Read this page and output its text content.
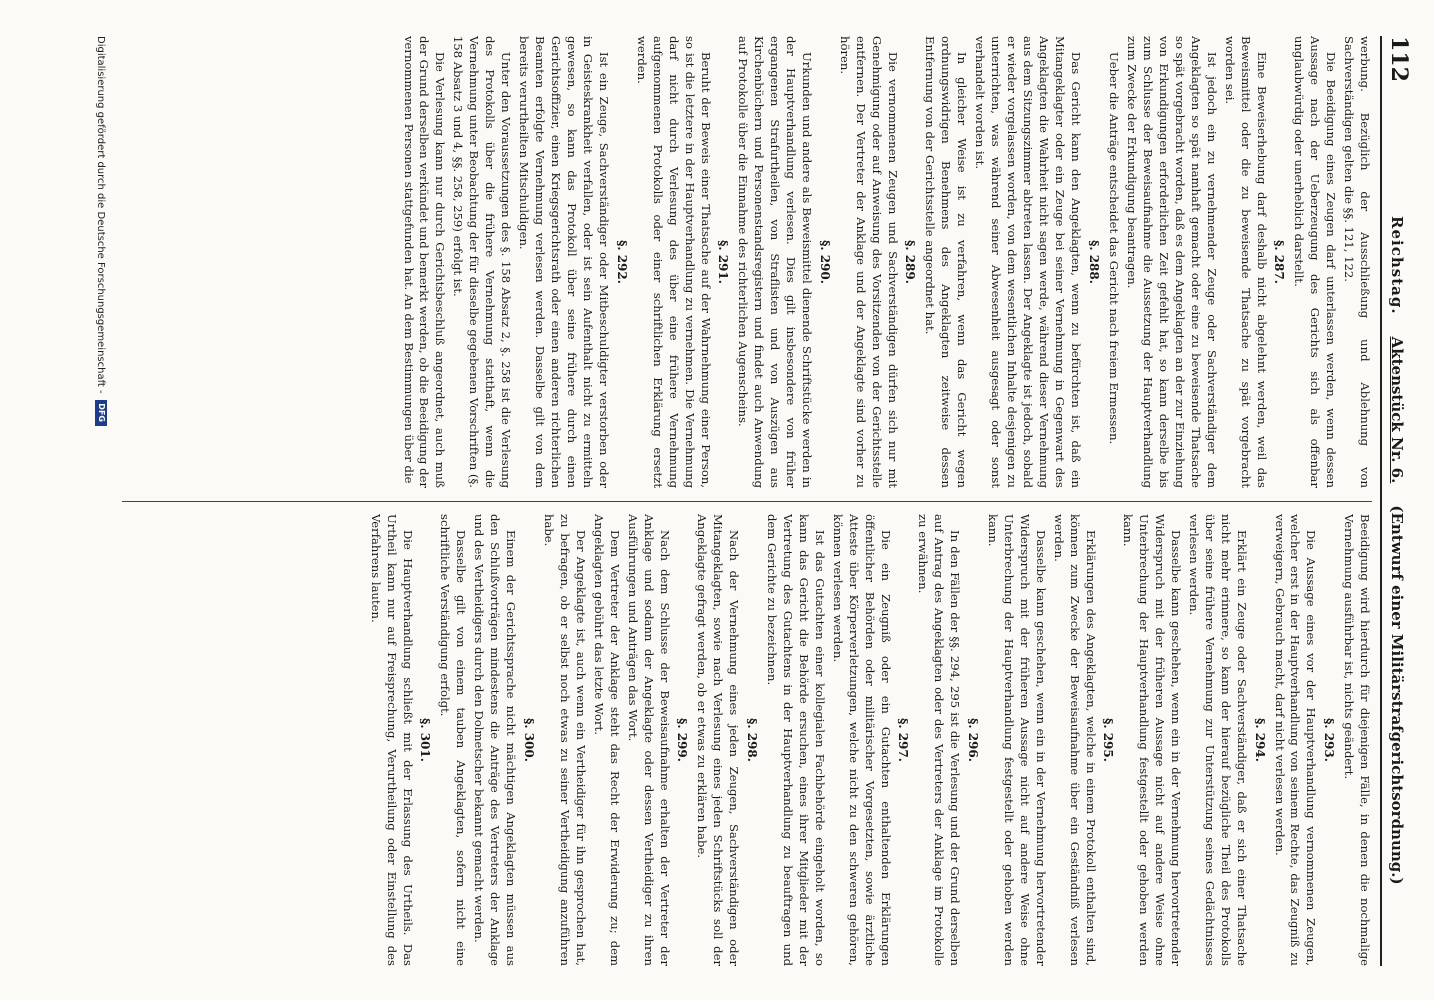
112
Reichstag.
Aktenstück Nr. 6.
(Entwurf einer Militärstrafgerichtsordnung.)

werbung. Bezüglich der Ausschließung und Ablehnung von Sachverständigen gelten die §§. 121, 122.

Die Beeidigung eines Zeugen darf unterlassen werden, wenn dessen Aussage nach der Ueberzeugung des Gerichts sich als offenbar unglaubwürdig oder unerheblich darstellt.

§. 287.

Eine Beweiserhebung darf deshalb nicht abgelehnt werden, weil das Beweismittel oder die zu beweisende Thatsache zu spät vorgebracht worden sei.

Ist jedoch ein zu vernehmender Zeuge oder Sachverständiger dem Angeklagten so spät namhaft gemacht oder eine zu beweisende Thatsache so spät vorgebracht worden, daß es dem Angeklagten an der zur Einziehung von Erkundigungen erforderlichen Zeit gefehlt hat, so kann derselbe bis zum Schlusse der Beweisaufnahme die Aussetzung der Hauptverhandlung zum Zwecke der Erkundigung beantragen.

Ueber die Anträge entscheidet das Gericht nach freiem Ermessen.

§. 288.

Das Gericht kann den Angeklagten, wenn zu befürchten ist, daß ein Mitangeklagter oder ein Zeuge bei seiner Vernehmung in Gegenwart des Angeklagten die Wahrheit nicht sagen werde, während dieser Vernehmung aus dem Sitzungszimmer abtreten lassen. Der Angeklagte ist jedoch, sobald er wieder vorgelassen worden, von dem wesentlichen Inhalte desjenigen zu unterrichten, was während seiner Abwesenheit ausgesagt oder sonst verhandelt worden ist.

In gleicher Weise ist zu verfahren, wenn das Gericht wegen ordnungswidrigen Benehmens des Angeklagten zeitweise dessen Entfernung von der Gerichtsstelle angeordnet hat.

§. 289.

Die vernommenen Zeugen und Sachverständigen dürfen sich nur mit Genehmigung oder auf Anweisung des Vorsitzenden von der Gerichtsstelle entfernen. Der Vertreter der Anklage und der Angeklagte sind vorher zu hören.

§. 290.

Urkunden und andere als Beweismittel dienende Schriftstücke werden in der Hauptverhandlung verlesen. Dies gilt insbesondere von früher ergangenen Strafurtheilen, von Straflisten und von Auszügen aus Kirchenbüchern und Personenstandsregistern und findet auch Anwendung auf Protokolle über die Einnahme des richterlichen Augenscheins.

§. 291.

Beruht der Beweis einer Thatsache auf der Wahrnehmung einer Person, so ist die letztere in der Hauptverhandlung zu vernehmen. Die Vernehmung darf nicht durch Verlesung des über eine frühere Vernehmung aufgenommenen Protokolls oder einer schriftlichen Erklärung ersetzt werden.

§. 292.

Ist ein Zeuge, Sachverständiger oder Mitbeschuldigter verstorben oder in Geisteskrankheit verfallen, oder ist sein Aufenthalt nicht zu ermitteln gewesen, so kann das Protokoll über seine frühere durch einen Gerichtsoffizier, einen Kriegsgerichtsrath oder einen anderen richterlichen Beamten erfolgte Vernehmung verlesen werden. Dasselbe gilt von dem bereits verurtheilten Mitschuldigen.

Unter den Voraussetzungen des §. 158 Absatz 2, §. 258 ist die Verlesung des Protokolls über die frühere Vernehmung statthaft, wenn die Vernehmung unter Beobachtung der für dieselbe gegebenen Vorschriften (§. 158 Absatz 3 und 4, §§. 258, 259) erfolgt ist.

Die Verlesung kann nur durch Gerichtsbeschluß angeordnet, auch muß der Grund derselben verkündet und bemerkt werden, ob die Beeidigung der vernommenen Personen stattgefunden hat. An dem Bestimmungen über die

Beeidigung wird hierdurch für diejenigen Fälle, in denen die nochmalige Vernehmung ausführbar ist, nichts geändert.

§. 293.

Die Aussage eines vor der Hauptverhandlung vernommenen Zeugen, welcher erst in der Hauptverhandlung von seinem Rechte, das Zeugniß zu verweigern, Gebrauch macht, darf nicht verlesen werden.

§. 294.

Erklärt ein Zeuge oder Sachverständiger, daß er sich einer Thatsache nicht mehr erinnere, so kann der hierauf bezügliche Theil des Protokolls über seine frühere Vernehmung zur Unterstützung seines Gedächtnisses verlesen werden.

Dasselbe kann geschehen, wenn ein in der Vernehmung hervortretender Widerspruch mit der früheren Aussage nicht auf andere Weise ohne Unterbrechung der Hauptverhandlung festgestellt oder gehoben werden kann.

§. 295.

Erklärungen des Angeklagten, welche in einem Protokoll enthalten sind, können zum Zwecke der Beweisaufnahme über ein Geständniß verlesen werden.

Dasselbe kann geschehen, wenn ein in der Vernehmung hervortretender Widerspruch mit der früheren Aussage nicht auf andere Weise ohne Unterbrechung der Hauptverhandlung festgestellt oder gehoben werden kann.

§. 296.

In den Fällen der §§. 294, 295 ist die Verlesung und der Grund derselben auf Antrag des Angeklagten oder des Vertreters der Anklage im Protokolle zu erwähnen.

§. 297.

Die ein Zeugniß oder ein Gutachten enthaltenden Erklärungen öffentlicher Behörden oder militärischer Vorgesetzten, sowie ärztliche Atteste über Körperverletzungen, welche nicht zu den schweren gehören, können verlesen werden.

Ist das Gutachten einer kollegialen Fachbehörde eingeholt worden, so kann das Gericht die Behörde ersuchen, eines ihrer Mitglieder mit der Vertretung des Gutachtens in der Hauptverhandlung zu beauftragen und dem Gerichte zu bezeichnen.

§. 298.

Nach der Vernehmung eines jeden Zeugen, Sachverständigen oder Mitangeklagten, sowie nach Verlesung eines jeden Schriftstücks soll der Angeklagte gefragt werden, ob er etwas zu erklären habe.

§. 299.

Nach dem Schlusse der Beweisaufnahme erhalten der Vertreter der Anklage und sodann der Angeklagte oder dessen Vertheidiger zu ihren Ausführungen und Anträgen das Wort.

Dem Vertreter der Anklage steht das Recht der Erwiderung zu; dem Angeklagten gebührt das letzte Wort.

Der Angeklagte ist, auch wenn ein Vertheidiger für ihn gesprochen hat, zu befragen, ob er selbst noch etwas zu seiner Vertheidigung anzuführen habe.

§. 300.

Einem der Gerichtssprache nicht mächtigen Angeklagten müssen aus den Schlußvorträgen mindestens die Anträge des Vertreters der Anklage und des Vertheidigers durch den Dolmetscher bekannt gemacht werden.

Dasselbe gilt von einem tauben Angeklagten, sofern nicht eine schriftliche Verständigung erfolgt.

§. 301.

Die Hauptverhandlung schließt mit der Erlassung des Urtheils. Das Urtheil kann nur auf Freisprechung, Verurtheilung oder Einstellung des Verfahrens lauten.

Digitalisierung gefördert durch die Deutsche Forschungsgemeinschaft -
DFG
